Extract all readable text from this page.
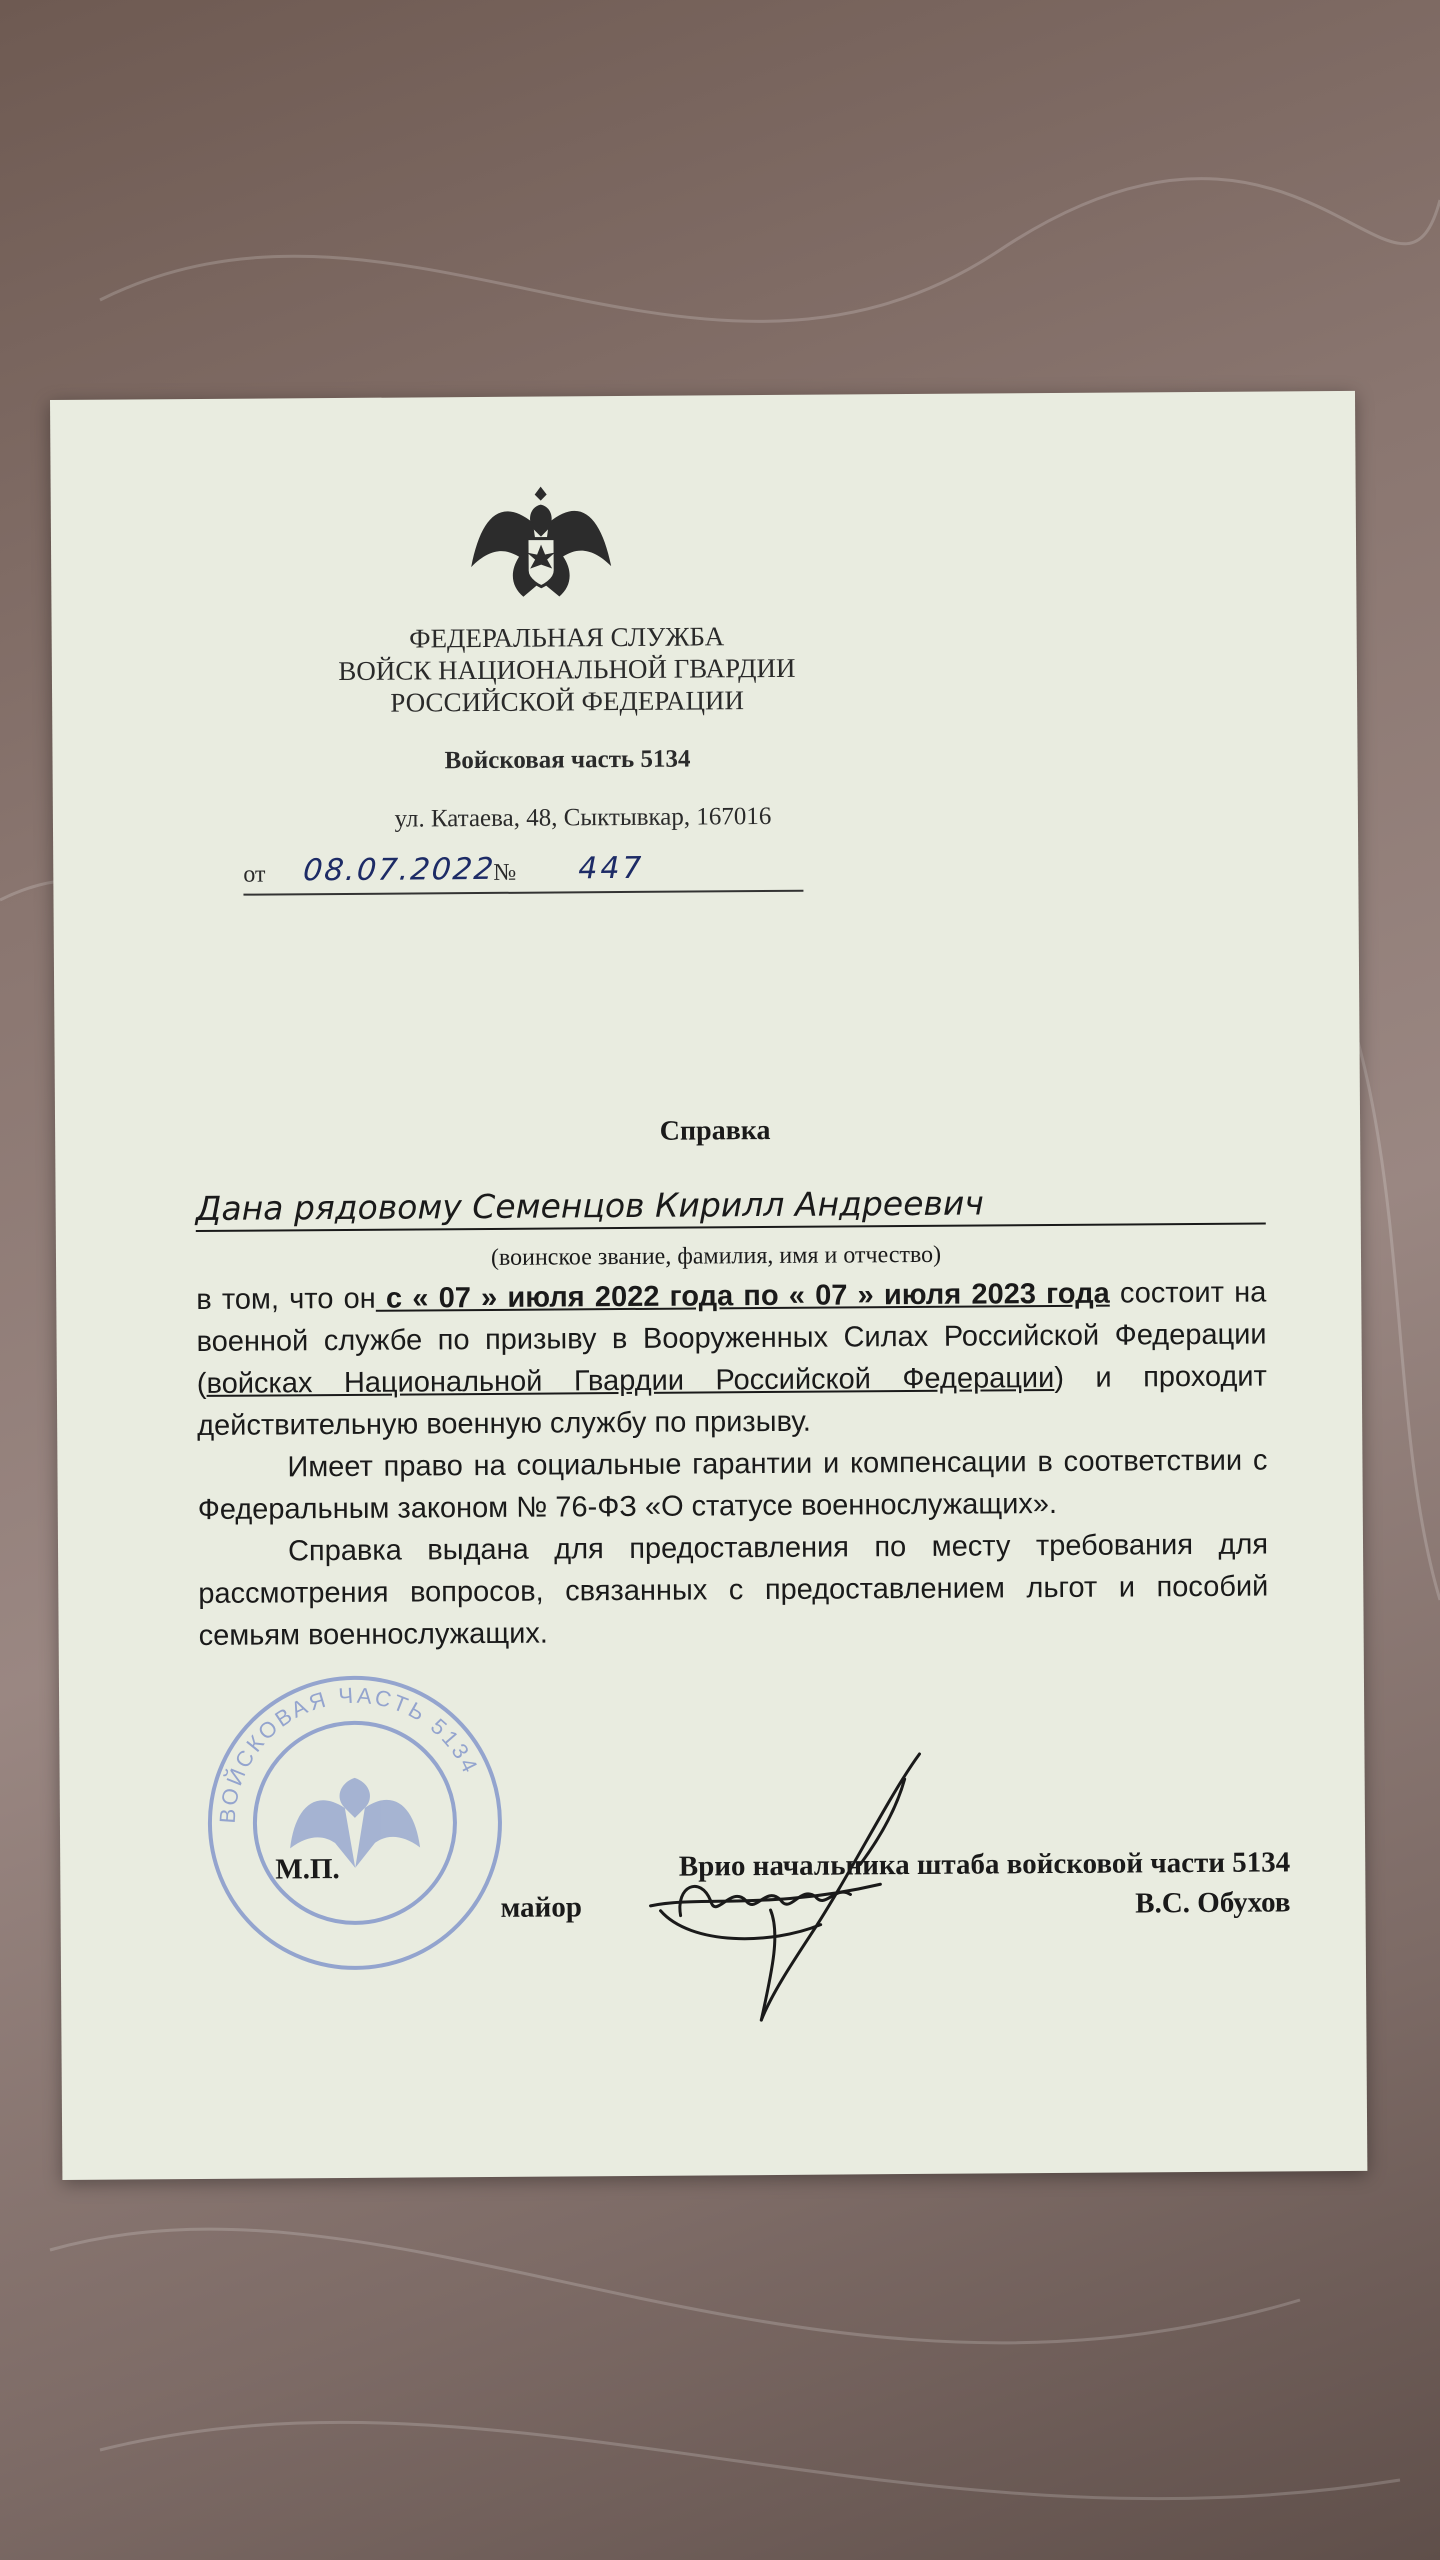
ФЕДЕРАЛЬНАЯ СЛУЖБА
ВОЙСК НАЦИОНАЛЬНОЙ ГВАРДИИ
РОССИЙСКОЙ ФЕДЕРАЦИИ
Войсковая часть 5134
ул. Катаева, 48, Сыктывкар, 167016
от 08.07.2022
№ 447
Справка
Дана рядовому Семенцов Кирилл Андреевич
(воинское звание, фамилия, имя и отчество)

в том, что он с « 07 » июля 2022 года по « 07 » июля 2023 года состоит на военной службе по призыву в Вооруженных Силах Российской Федерации (войсках Национальной Гвардии Российской Федерации) и проходит действительную военную службу по призыву.

Имеет право на социальные гарантии и компенсации в соответствии с Федеральным законом № 76-ФЗ «О статусе военнослужащих».

Справка выдана для предоставления по месту требования для рассмотрения вопросов, связанных с предоставлением льгот и пособий семьям военнослужащих.

ВОЙСКОВАЯ ЧАСТЬ 5134
М.П.	Врио начальника штаба войсковой части 5134
майор	В.С. Обухов
